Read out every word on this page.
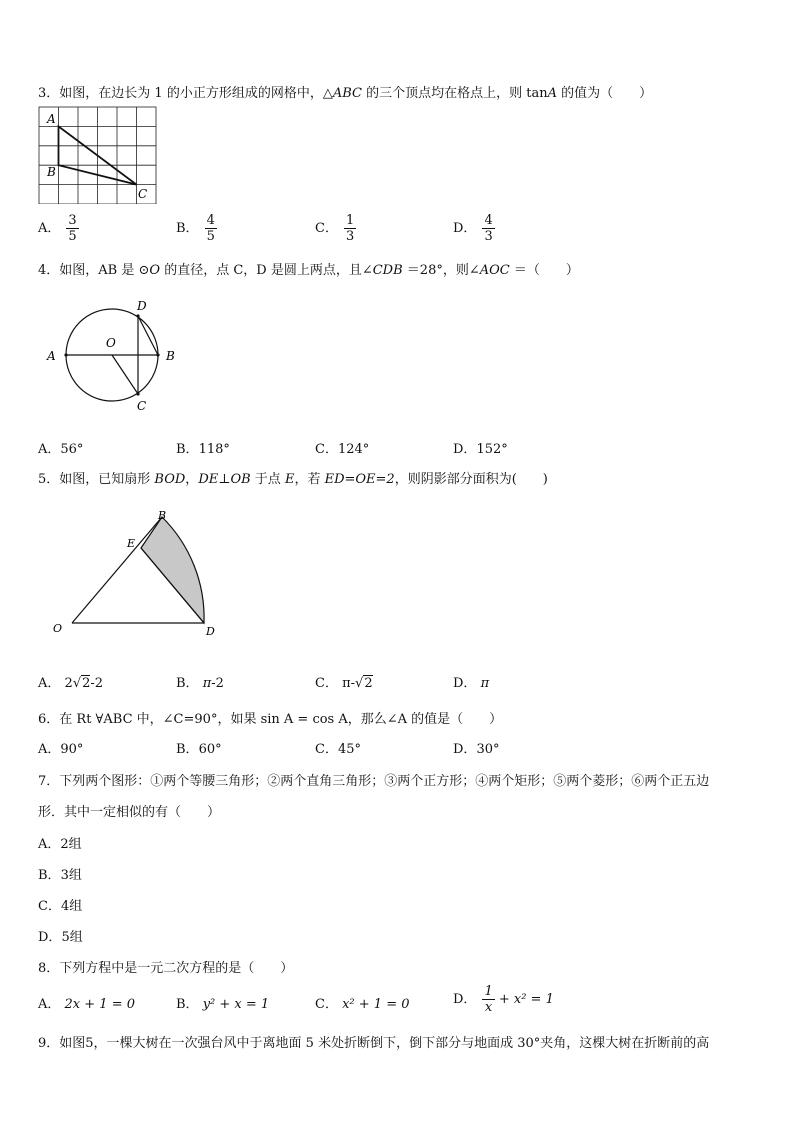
3．如图，在边长为 1 的小正方形组成的网格中，△ABC 的三个顶点均在格点上，则 tanA 的值为（　　）
A
B
C
A． $\frac{3}{5}$	B． $\frac{4}{5}$	C． $\frac{1}{3}$	D． $\frac{4}{3}$
4．如图，AB 是 ⊙O 的直径，点 C，D 是圆上两点，且∠CDB ＝28°，则∠AOC ＝（　　）
A	B
C
D
O
A．56°	B．118°	C．124°	D．152°
5．如图，已知扇形 BOD，DE⊥OB 于点 E，若 ED=OE=2，则阴影部分面积为(　　)
B
E
O	D
A． 2√2-2	B． π-2	C． π-√2	D． π
6．在 Rt ∀ABC 中，∠C=90°，如果 sin A = cos A，那么∠A 的值是（　　）
A．90°	B．60°	C．45°	D．30°
7．下列两个图形：①两个等腰三角形；②两个直角三角形；③两个正方形；④两个矩形；⑤两个菱形；⑥两个正五边
形．其中一定相似的有（　　）
A．2组
B．3组
C．4组
D．5组
8．下列方程中是一元二次方程的是（　　）
A． 2x + 1 = 0	B． y² + x = 1	C． x² + 1 = 0	D． $\frac{1}{x} + x^2 = 1$
9．如图5，一棵大树在一次强台风中于离地面 5 米处折断倒下，倒下部分与地面成 30°夹角，这棵大树在折断前的高
